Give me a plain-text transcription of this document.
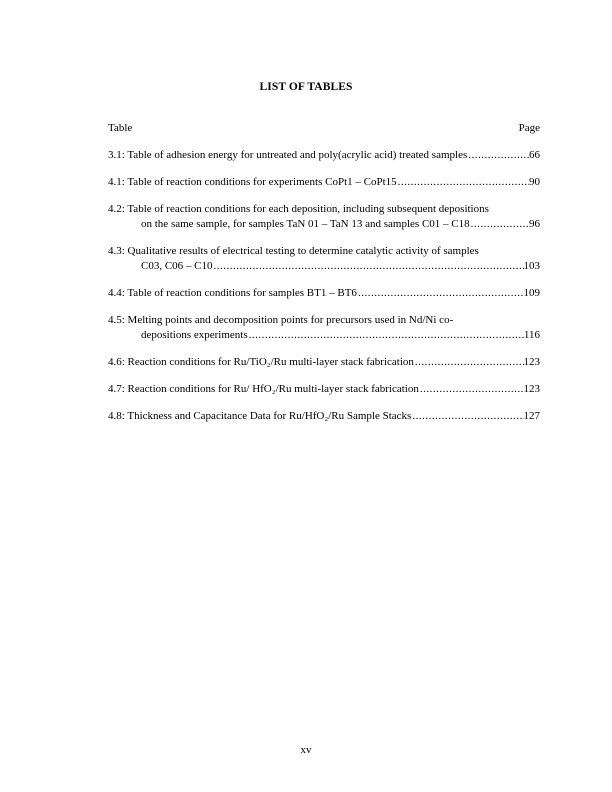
LIST OF TABLES
Table	Page
3.1: Table of adhesion energy for untreated and poly(acrylic acid) treated samples .....	66
4.1: Table of reaction conditions for experiments CoPt1 – CoPt15 .....	90
4.2: Table of reaction conditions for each deposition, including subsequent depositions
on the same sample, for samples TaN 01 – TaN 13 and samples C01 – C18 .....	96
4.3: Qualitative results of electrical testing to determine catalytic activity of samples
C03, C06 – C10 .....	103
4.4: Table of reaction conditions for samples BT1 – BT6 .....	109
4.5: Melting points and decomposition points for precursors used in Nd/Ni co-
depositions experiments .....	116
4.6: Reaction conditions for Ru/TiO₂/Ru multi-layer stack fabrication .....	123
4.7: Reaction conditions for Ru/ HfO₂/Ru multi-layer stack fabrication .....	123
4.8: Thickness and Capacitance Data for Ru/HfO₂/Ru Sample Stacks .....	127
xv
